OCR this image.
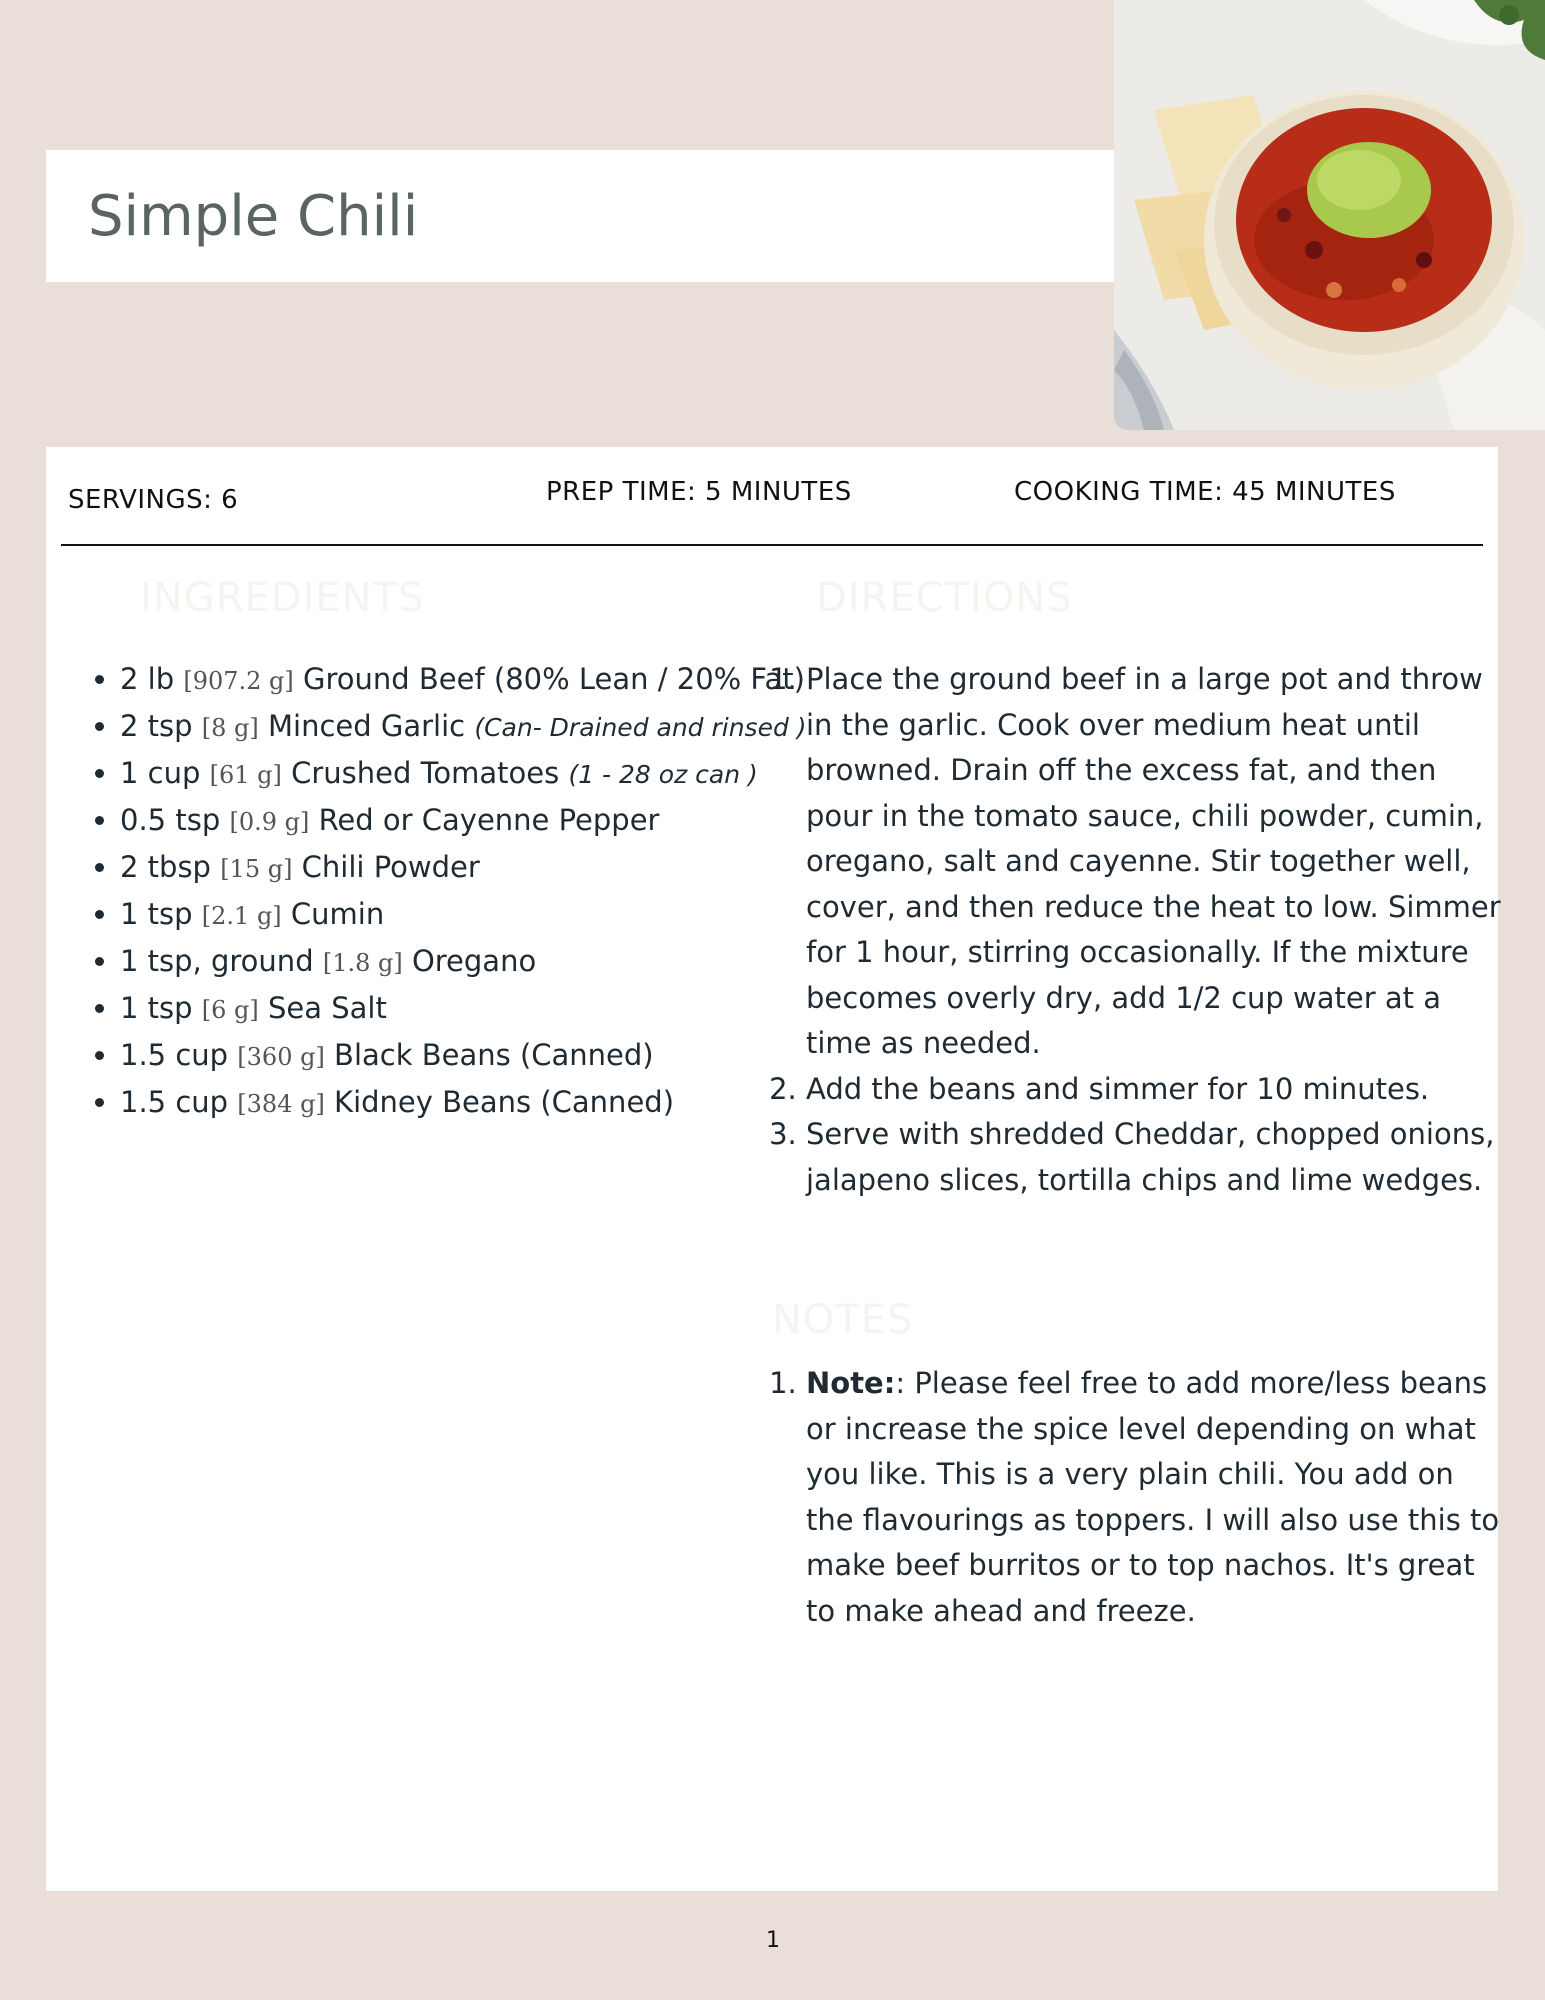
Simple Chili
SERVINGS: 6	PREP TIME: 5 MINUTES	COOKING TIME: 45 MINUTES
INGREDIENTS	DIRECTIONS
NOTES
• 2 lb [907.2 g] Ground Beef (80% Lean / 20% Fat)
• 2 tsp [8 g] Minced Garlic (Can- Drained and rinsed )
• 1 cup [61 g] Crushed Tomatoes (1 - 28 oz can )
• 0.5 tsp [0.9 g] Red or Cayenne Pepper
• 2 tbsp [15 g] Chili Powder
• 1 tsp [2.1 g] Cumin
• 1 tsp, ground [1.8 g] Oregano
• 1 tsp [6 g] Sea Salt
• 1.5 cup [360 g] Black Beans (Canned)
• 1.5 cup [384 g] Kidney Beans (Canned)
1. Place the ground beef in a large pot and throw in the garlic. Cook over medium heat until browned. Drain off the excess fat, and then pour in the tomato sauce, chili powder, cumin, oregano, salt and cayenne. Stir together well, cover, and then reduce the heat to low. Simmer for 1 hour, stirring occasionally. If the mixture becomes overly dry, add 1/2 cup water at a time as needed.
2. Add the beans and simmer for 10 minutes.
3. Serve with shredded Cheddar, chopped onions, jalapeno slices, tortilla chips and lime wedges.
1. Note:: Please feel free to add more/less beans or increase the spice level depending on what you like. This is a very plain chili. You add on the flavourings as toppers. I will also use this to make beef burritos or to top nachos. It's great to make ahead and freeze.
1
